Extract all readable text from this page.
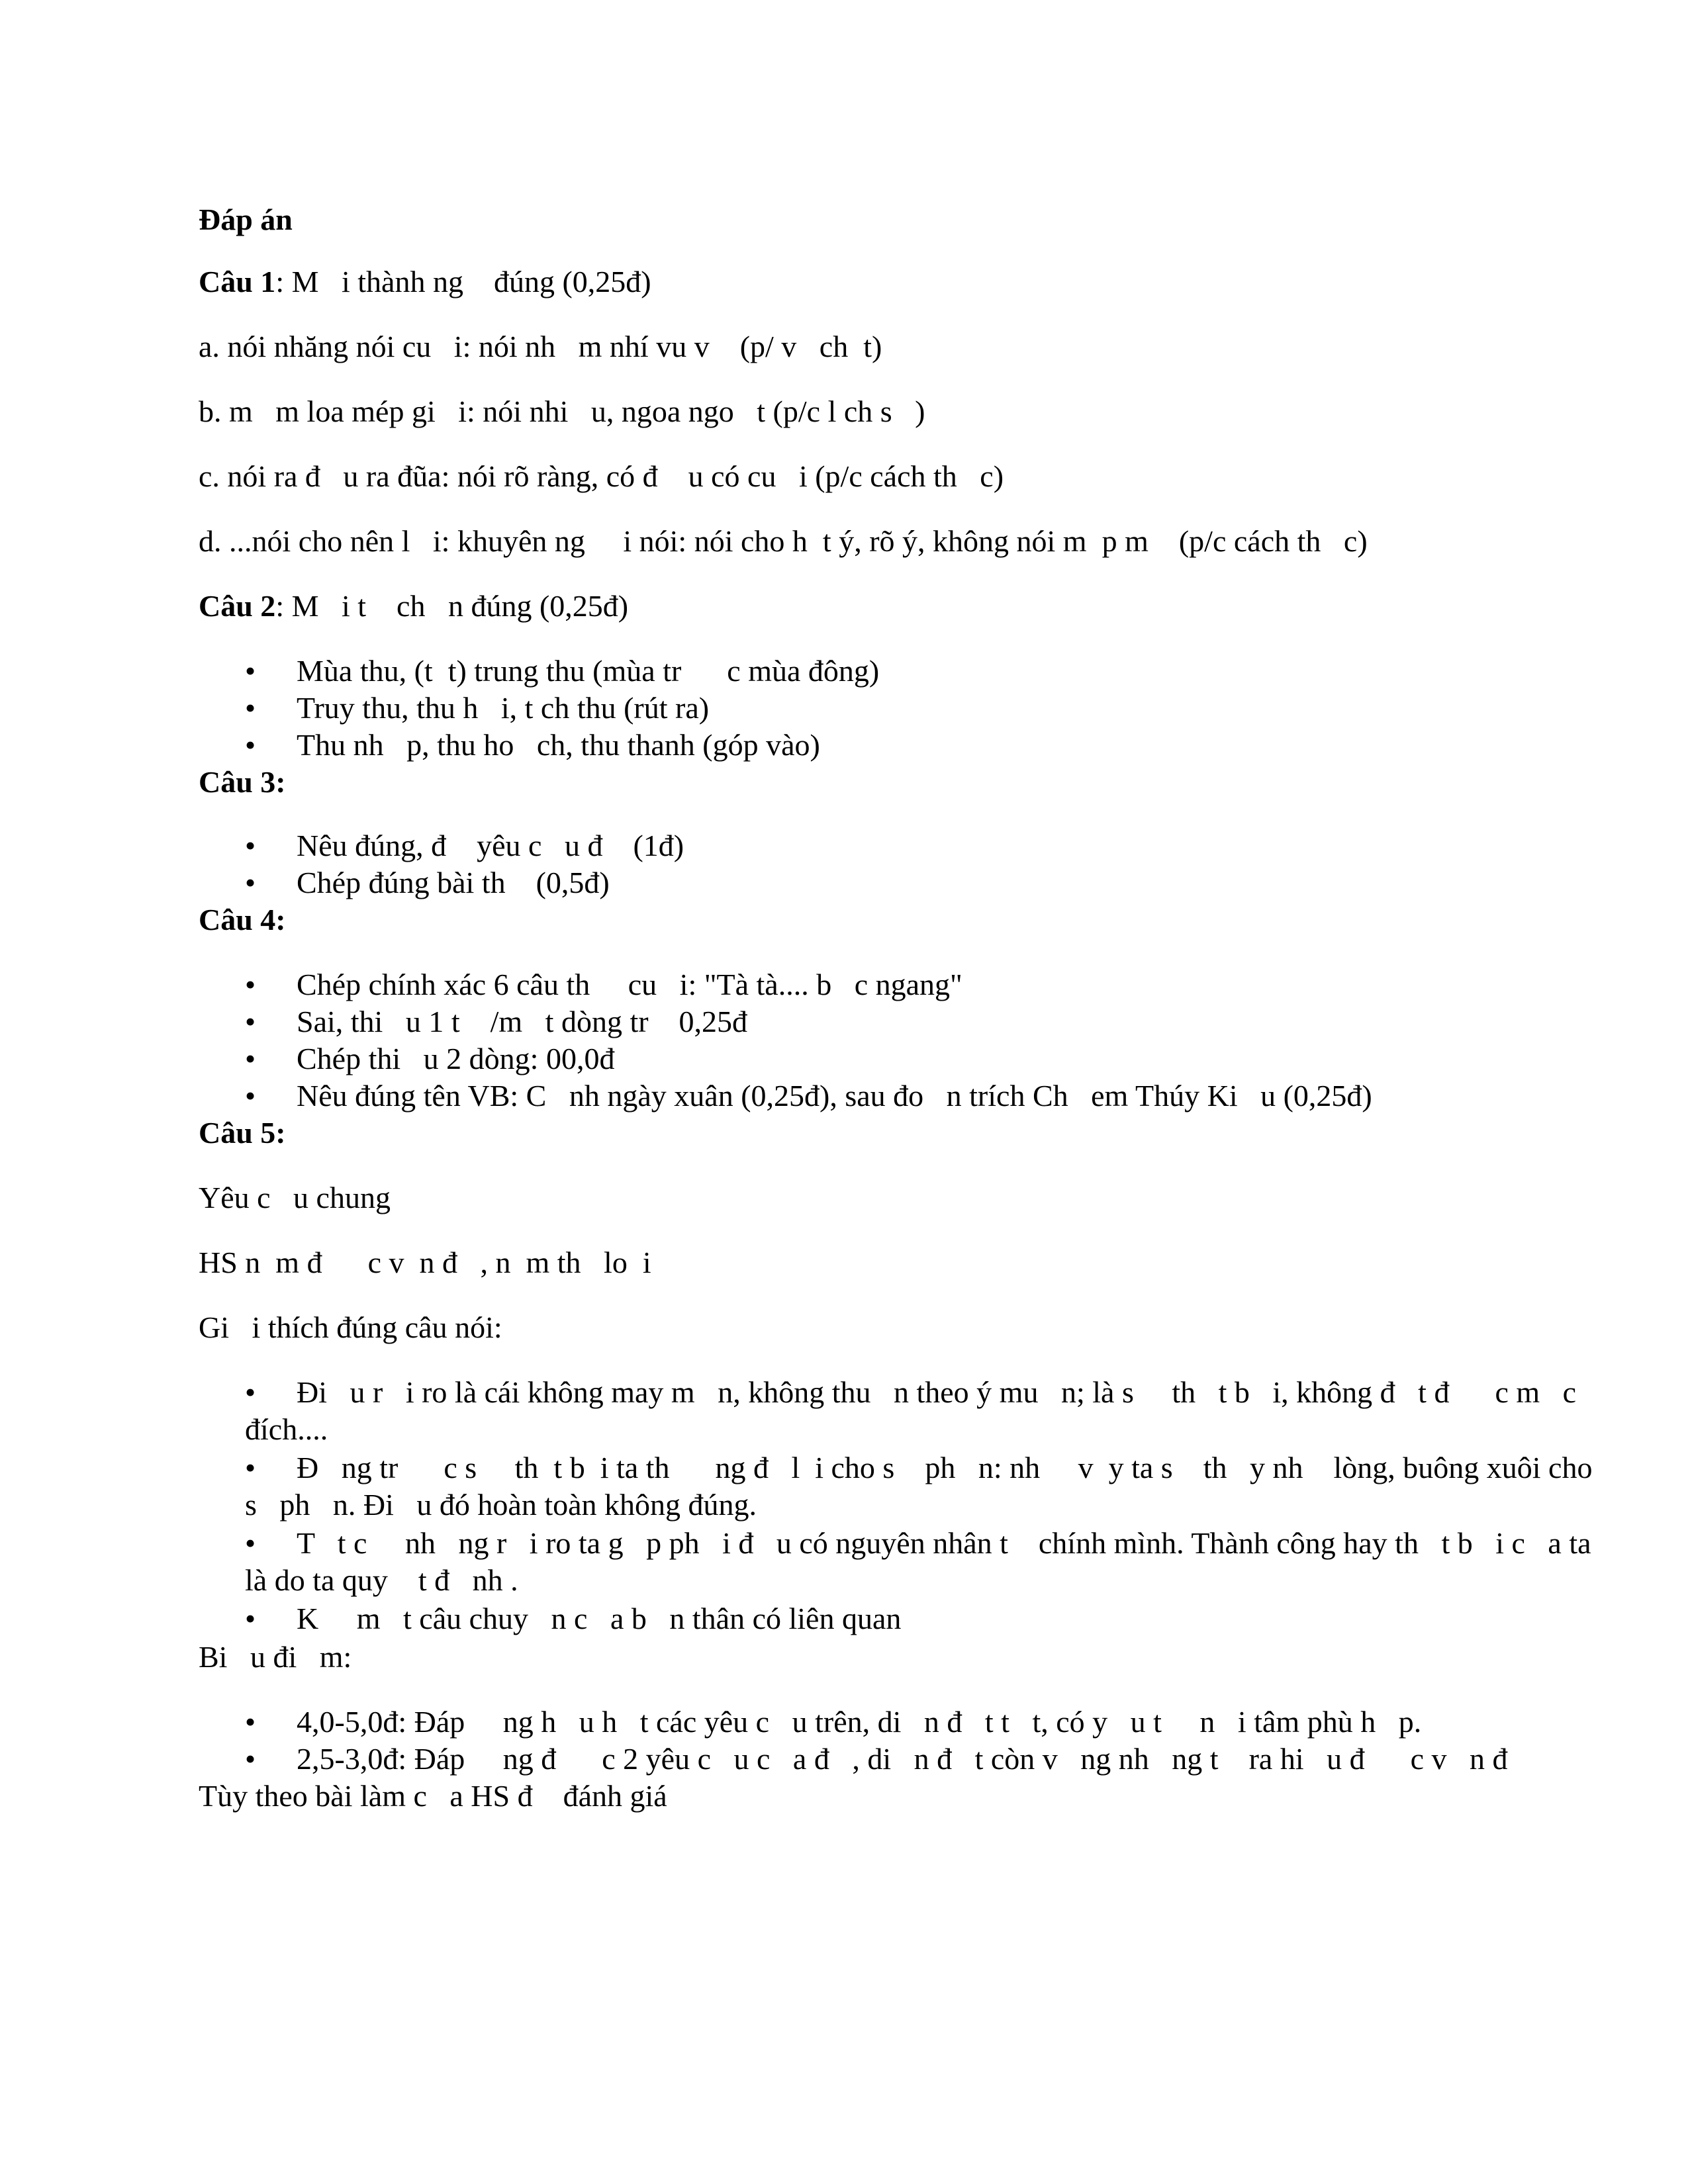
Đáp án
Câu 1: M   i thành ng    đúng (0,25đ)
a. nói nhăng nói cu   i: nói nh   m nhí vu v    (p/ v   ch  t)
b. m   m loa mép gi   i: nói nhi   u, ngoa ngo   t (p/c l ch s   )
c. nói ra đ   u ra đũa: nói rõ ràng, có đ    u có cu   i (p/c cách th   c)
d. ...nói cho nên l   i: khuyên ng     i nói: nói cho h  t ý, rõ ý, không nói m  p m    (p/c cách th   c)
Câu 2: M   i t    ch   n đúng (0,25đ)
• Mùa thu, (t  t) trung thu (mùa tr      c mùa đông)
• Truy thu, thu h   i, t ch thu (rút ra)
• Thu nh   p, thu ho   ch, thu thanh (góp vào)
Câu 3:
• Nêu đúng, đ    yêu c   u đ    (1đ)
• Chép đúng bài th    (0,5đ)
Câu 4:
• Chép chính xác 6 câu th     cu   i: "Tà tà.... b   c ngang"
• Sai, thi   u 1 t    /m   t dòng tr    0,25đ
• Chép thi   u 2 dòng: 00,0đ
• Nêu đúng tên VB: C   nh ngày xuân (0,25đ), sau đo   n trích Ch   em Thúy Ki   u (0,25đ)
Câu 5:
Yêu c   u chung
HS n  m đ      c v  n đ   , n  m th   lo  i
Gi   i thích đúng câu nói:
• Đi   u r   i ro là cái không may m   n, không thu   n theo ý mu   n; là s     th   t b   i, không đ   t đ      c m   c
đích....
• Đ   ng tr      c s     th  t b  i ta th      ng đ   l  i cho s    ph   n: nh     v  y ta s    th   y nh    lòng, buông xuôi cho
s   ph   n. Đi   u đó hoàn toàn không đúng.
• T   t c     nh   ng r   i ro ta g   p ph   i đ   u có nguyên nhân t    chính mình. Thành công hay th   t b   i c   a ta
là do ta quy    t đ   nh .
• K     m   t câu chuy   n c   a b   n thân có liên quan
Bi   u đi   m:
• 4,0-5,0đ: Đáp     ng h   u h   t các yêu c   u trên, di   n đ   t t   t, có y   u t     n   i tâm phù h   p.
• 2,5-3,0đ: Đáp     ng đ      c 2 yêu c   u c   a đ   , di   n đ   t còn v   ng nh   ng t    ra hi   u đ      c v   n đ
Tùy theo bài làm c   a HS đ    đánh giá
